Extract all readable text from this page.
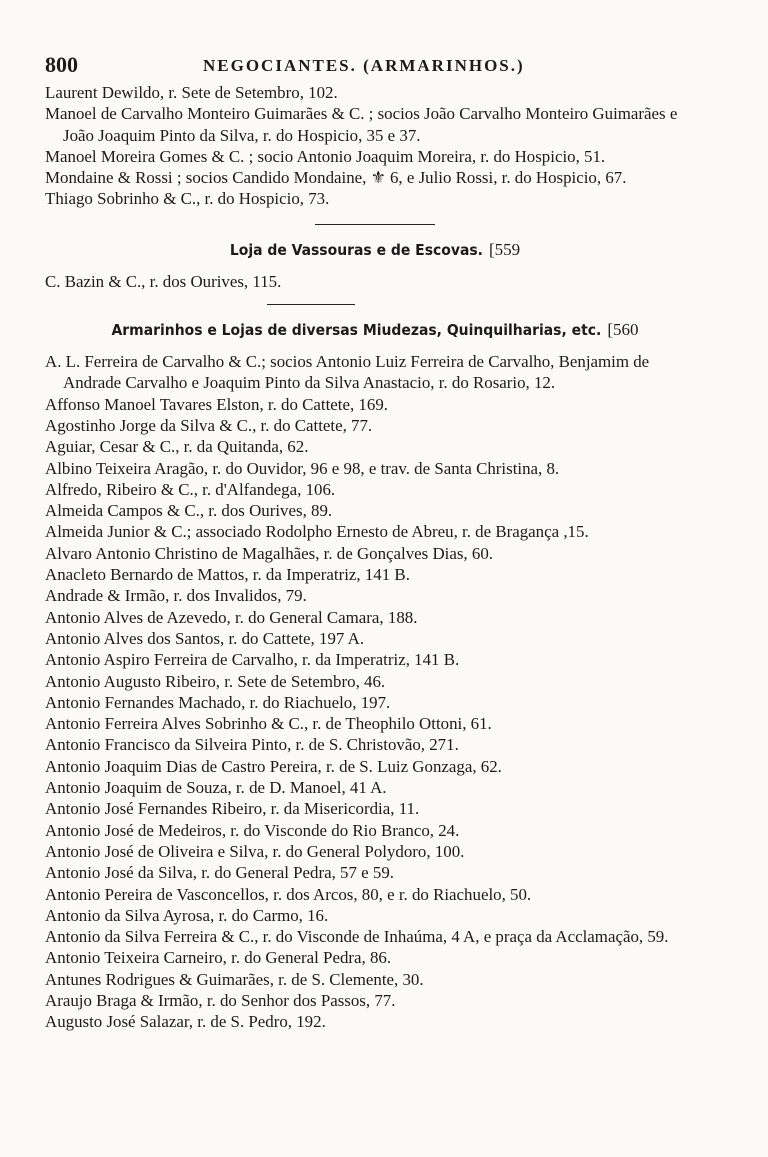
800	NEGOCIANTES. (ARMARINHOS.)

Laurent Dewildo, r. Sete de Setembro, 102.

Manoel de Carvalho Monteiro Guimarães & C. ; socios João Carvalho Monteiro Guimarães e João Joaquim Pinto da Silva, r. do Hospicio, 35 e 37.

Manoel Moreira Gomes & C. ; socio Antonio Joaquim Moreira, r. do Hospicio, 51.

Mondaine & Rossi ; socios Candido Mondaine, ⚜ 6, e Julio Rossi, r. do Hospicio, 67.

Thiago Sobrinho & C., r. do Hospicio, 73.

Loja de Vassouras e de Escovas. [559

C. Bazin & C., r. dos Ourives, 115.

Armarinhos e Lojas de diversas Miudezas, Quinquilharias, etc. [560

A. L. Ferreira de Carvalho & C.; socios Antonio Luiz Ferreira de Carvalho, Benjamim de Andrade Carvalho e Joaquim Pinto da Silva Anastacio, r. do Rosario, 12.

Affonso Manoel Tavares Elston, r. do Cattete, 169.

Agostinho Jorge da Silva & C., r. do Cattete, 77.

Aguiar, Cesar & C., r. da Quitanda, 62.

Albino Teixeira Aragão, r. do Ouvidor, 96 e 98, e trav. de Santa Christina, 8.

Alfredo, Ribeiro & C., r. d'Alfandega, 106.

Almeida Campos & C., r. dos Ourives, 89.

Almeida Junior & C.; associado Rodolpho Ernesto de Abreu, r. de Bragança ,15.

Alvaro Antonio Christino de Magalhães, r. de Gonçalves Dias, 60.

Anacleto Bernardo de Mattos, r. da Imperatriz, 141 B.

Andrade & Irmão, r. dos Invalidos, 79.

Antonio Alves de Azevedo, r. do General Camara, 188.

Antonio Alves dos Santos, r. do Cattete, 197 A.

Antonio Aspiro Ferreira de Carvalho, r. da Imperatriz, 141 B.

Antonio Augusto Ribeiro, r. Sete de Setembro, 46.

Antonio Fernandes Machado, r. do Riachuelo, 197.

Antonio Ferreira Alves Sobrinho & C., r. de Theophilo Ottoni, 61.

Antonio Francisco da Silveira Pinto, r. de S. Christovão, 271.

Antonio Joaquim Dias de Castro Pereira, r. de S. Luiz Gonzaga, 62.

Antonio Joaquim de Souza, r. de D. Manoel, 41 A.

Antonio José Fernandes Ribeiro, r. da Misericordia, 11.

Antonio José de Medeiros, r. do Visconde do Rio Branco, 24.

Antonio José de Oliveira e Silva, r. do General Polydoro, 100.

Antonio José da Silva, r. do General Pedra, 57 e 59.

Antonio Pereira de Vasconcellos, r. dos Arcos, 80, e r. do Riachuelo, 50.

Antonio da Silva Ayrosa, r. do Carmo, 16.

Antonio da Silva Ferreira & C., r. do Visconde de Inhaúma, 4 A, e praça da Acclamação, 59.

Antonio Teixeira Carneiro, r. do General Pedra, 86.

Antunes Rodrigues & Guimarães, r. de S. Clemente, 30.

Araujo Braga & Irmão, r. do Senhor dos Passos, 77.

Augusto José Salazar, r. de S. Pedro, 192.
